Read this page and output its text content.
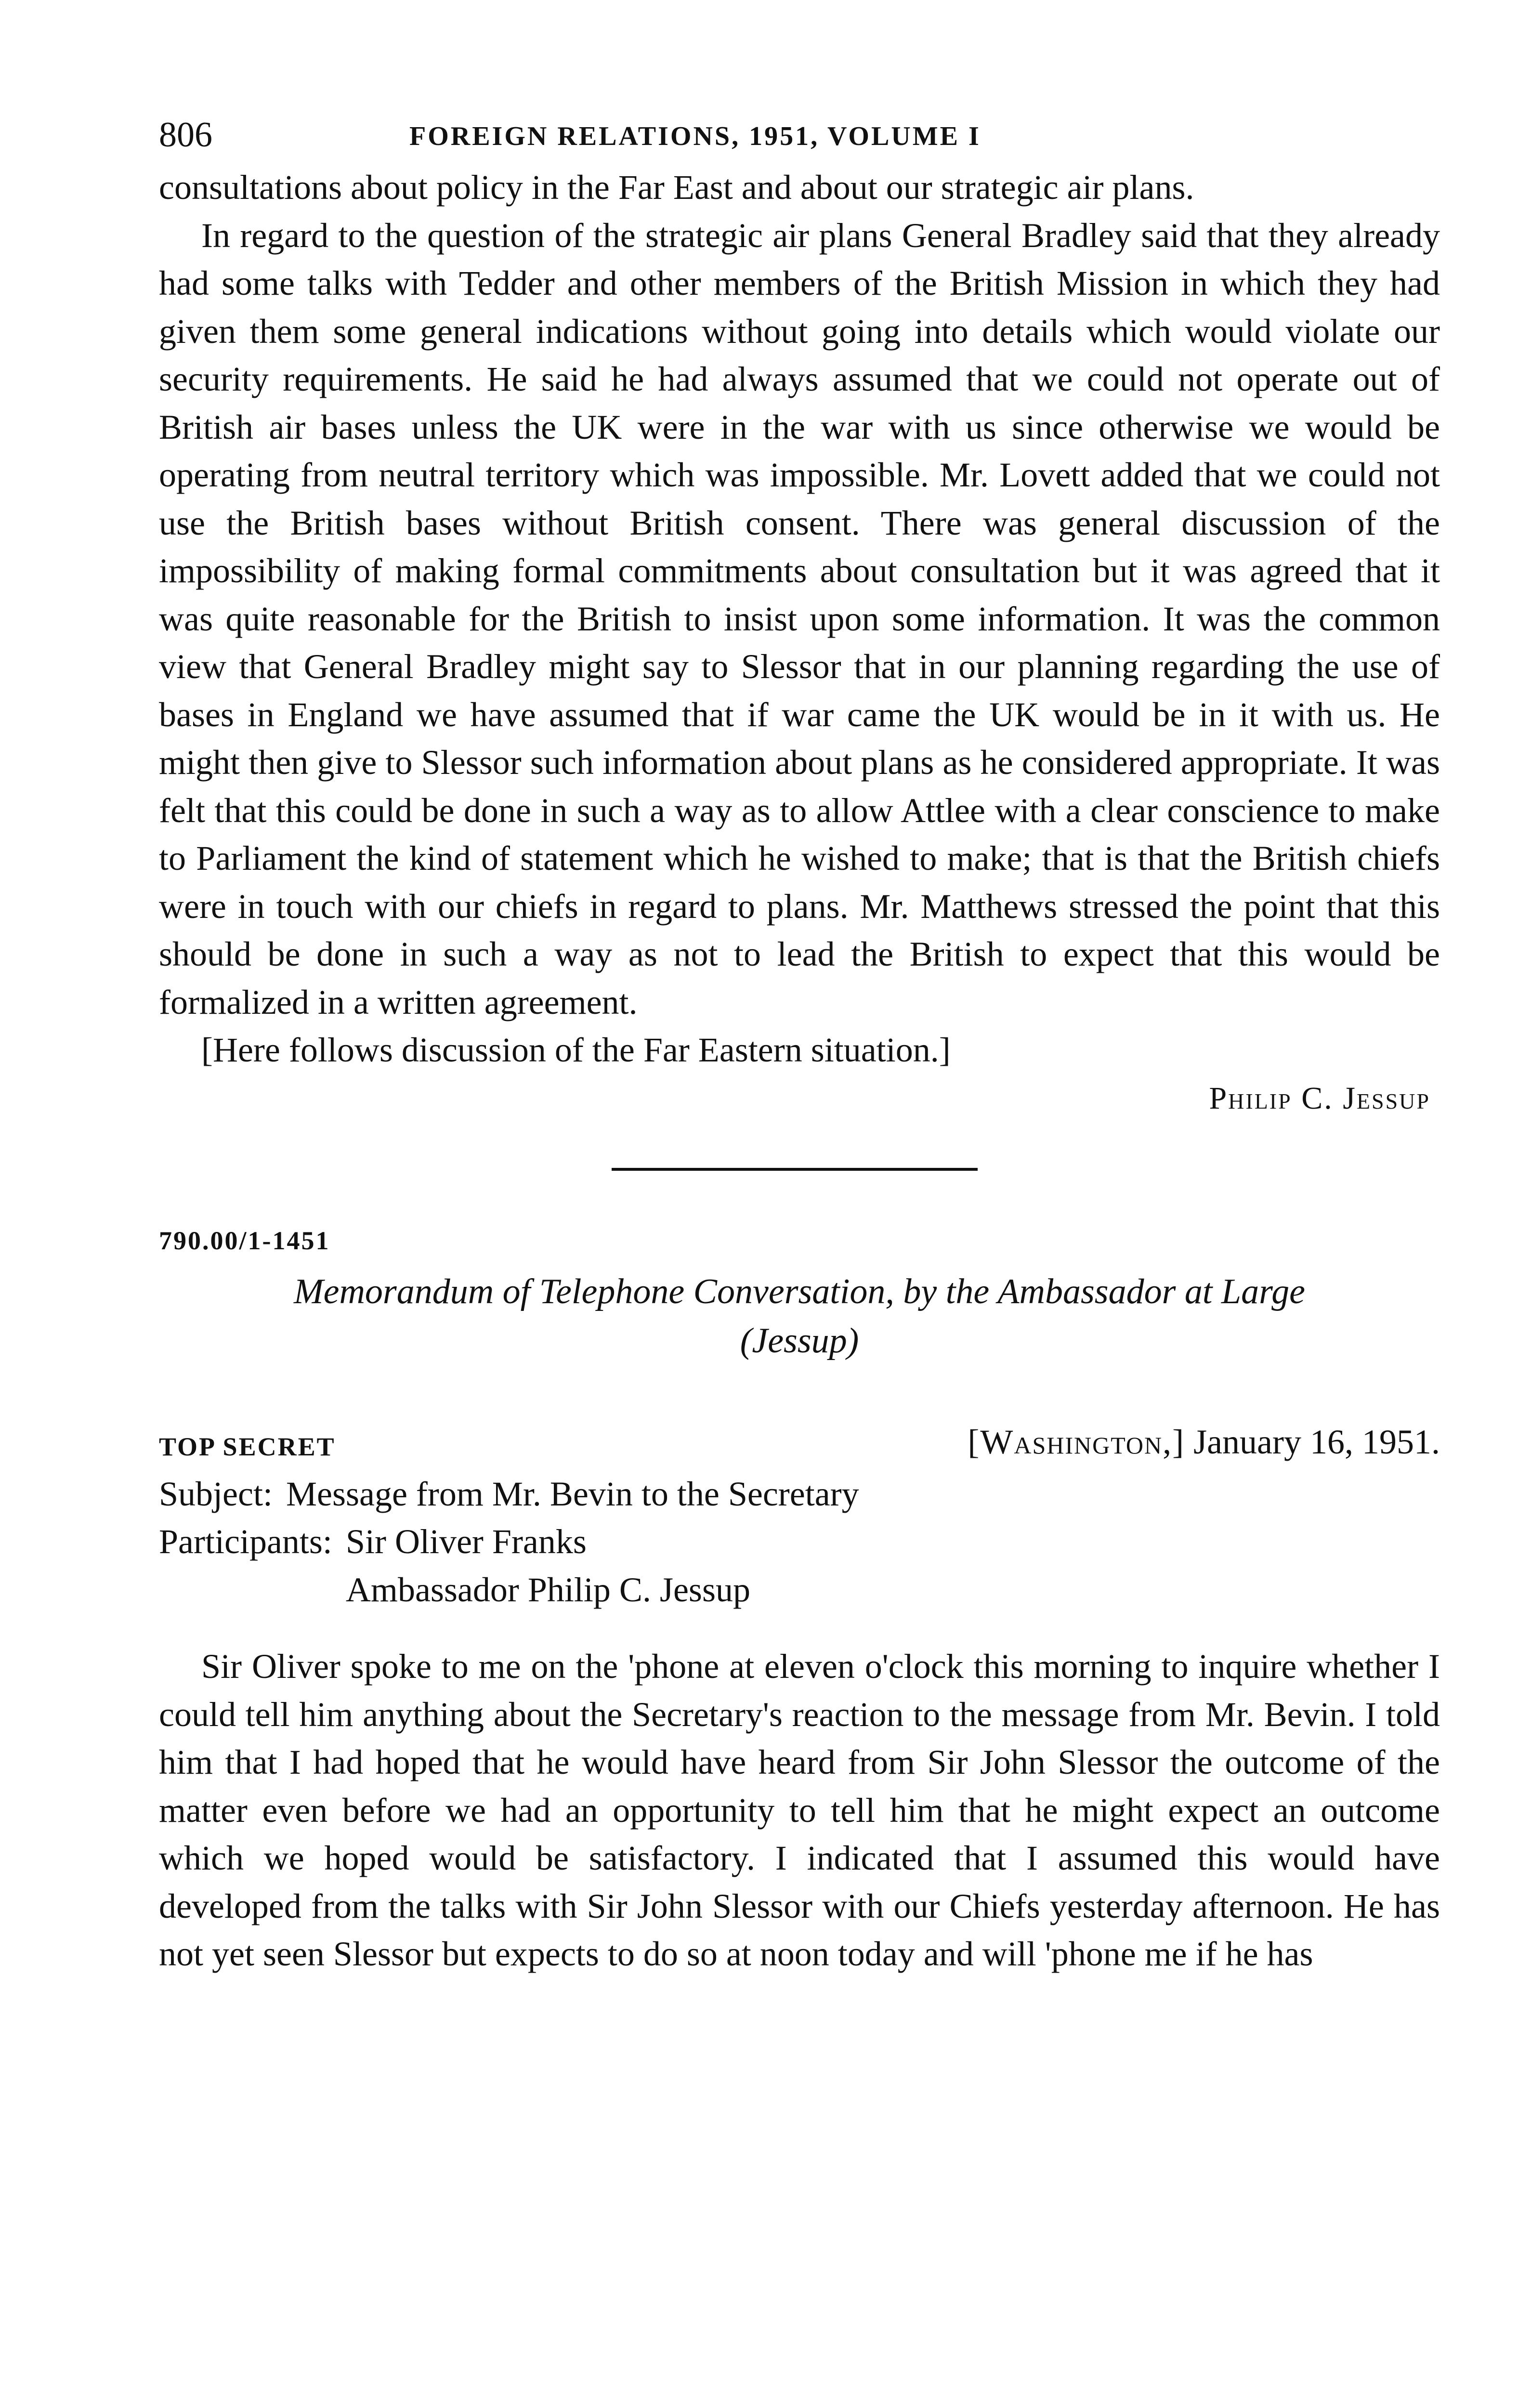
806	FOREIGN RELATIONS, 1951, VOLUME I

consultations about policy in the Far East and about our strategic air plans.

In regard to the question of the strategic air plans General Bradley said that they already had some talks with Tedder and other members of the British Mission in which they had given them some general indications without going into details which would violate our security requirements. He said he had always assumed that we could not operate out of British air bases unless the UK were in the war with us since otherwise we would be operating from neutral territory which was impossible. Mr. Lovett added that we could not use the British bases without British consent. There was general discussion of the impossibility of making formal commitments about consultation but it was agreed that it was quite reasonable for the British to insist upon some information. It was the common view that General Bradley might say to Slessor that in our planning regarding the use of bases in England we have assumed that if war came the UK would be in it with us. He might then give to Slessor such information about plans as he considered appropriate. It was felt that this could be done in such a way as to allow Attlee with a clear conscience to make to Parliament the kind of statement which he wished to make; that is that the British chiefs were in touch with our chiefs in regard to plans. Mr. Matthews stressed the point that this should be done in such a way as not to lead the British to expect that this would be formalized in a written agreement.

[Here follows discussion of the Far Eastern situation.]

Philip C. Jessup

790.00/1-1451

Memorandum of Telephone Conversation, by the Ambassador at Large
(Jessup)
TOP SECRET	[Washington,] January 16, 1951.
Subject: Message from Mr. Bevin to the Secretary
Participants: Sir Oliver Franks
Ambassador Philip C. Jessup

Sir Oliver spoke to me on the 'phone at eleven o'clock this morning to inquire whether I could tell him anything about the Secretary's reaction to the message from Mr. Bevin. I told him that I had hoped that he would have heard from Sir John Slessor the outcome of the matter even before we had an opportunity to tell him that he might expect an outcome which we hoped would be satisfactory. I indicated that I assumed this would have developed from the talks with Sir John Slessor with our Chiefs yesterday afternoon. He has not yet seen Slessor but expects to do so at noon today and will 'phone me if he has
